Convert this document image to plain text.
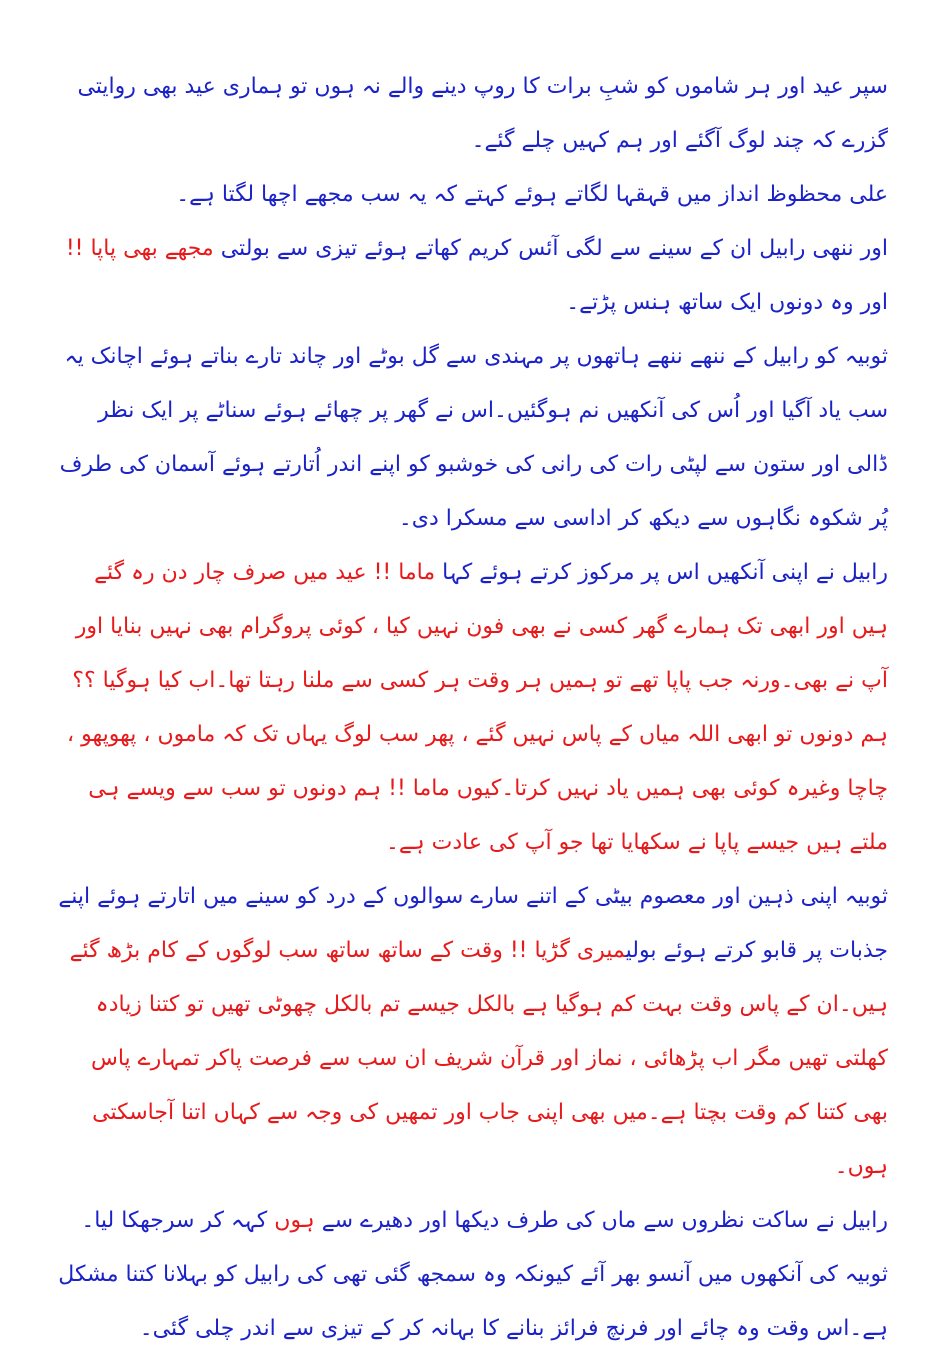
سپر عید اور ہر شاموں کو شبِ برات کا روپ دینے والے نہ ہوں تو ہماری عید بھی روایتی گزرے کہ چند لوگ آگئے اور ہم کہیں چلے گئے۔

علی محظوظ انداز میں قہقہا لگاتے ہوئے کہتے کہ یہ سب مجھے اچھا لگتا ہے۔

اور ننھی رابیل ان کے سینے سے لگی آئس کریم کھاتے ہوئے تیزی سے بولتی مجھے بھی پاپا !! اور وہ دونوں ایک ساتھ ہنس پڑتے۔

ثوبیہ کو رابیل کے ننھے ننھے ہاتھوں پر مہندی سے گل بوٹے اور چاند تارے بناتے ہوئے اچانک یہ سب یاد آگیا اور اُس کی آنکھیں نم ہوگئیں۔اس نے گھر پر چھائے ہوئے سناٹے پر ایک نظر ڈالی اور ستون سے لپٹی رات کی رانی کی خوشبو کو اپنے اندر اُتارتے ہوئے آسمان کی طرف پُر شکوہ نگاہوں سے دیکھ کر اداسی سے مسکرا دی۔

رابیل نے اپنی آنکھیں اس پر مرکوز کرتے ہوئے کہا ماما !! عید میں صرف چار دن رہ گئے ہیں اور ابھی تک ہمارے گھر کسی نے بھی فون نہیں کیا ، کوئی پروگرام بھی نہیں بنایا اور آپ نے بھی۔ورنہ جب پاپا تھے تو ہمیں ہر وقت ہر کسی سے ملنا رہتا تھا۔اب کیا ہوگیا ؟؟ ہم دونوں تو ابھی اللہ میاں کے پاس نہیں گئے ، پھر سب لوگ یہاں تک کہ ماموں ، پھوپھو ، چاچا وغیرہ کوئی بھی ہمیں یاد نہیں کرتا۔کیوں ماما !! ہم دونوں تو سب سے ویسے ہی ملتے ہیں جیسے پاپا نے سکھایا تھا جو آپ کی عادت ہے۔

ثوبیہ اپنی ذہین اور معصوم بیٹی کے اتنے سارے سوالوں کے درد کو سینے میں اتارتے ہوئے اپنے جذبات پر قابو کرتے ہوئے بولیمیری گڑیا !! وقت کے ساتھ ساتھ سب لوگوں کے کام بڑھ گئے ہیں۔ان کے پاس وقت بہت کم ہوگیا ہے بالکل جیسے تم بالکل چھوٹی تھیں تو کتنا زیادہ کھلتی تھیں مگر اب پڑھائی ، نماز اور قرآن شریف ان سب سے فرصت پاکر تمہارے پاس بھی کتنا کم وقت بچتا ہے۔میں بھی اپنی جاب اور تمھیں کی وجہ سے کہاں اتنا آجاسکتی ہوں۔

رابیل نے ساکت نظروں سے ماں کی طرف دیکھا اور دھیرے سے ہوں کہہ کر سرجھکا لیا۔ثوبیہ کی آنکھوں میں آنسو بھر آئے کیونکہ وہ سمجھ گئی تھی کی رابیل کو بہلانا کتنا مشکل ہے۔اس وقت وہ چائے اور فرنچ فرائز بنانے کا بہانہ کر کے تیزی سے اندر چلی گئی۔
